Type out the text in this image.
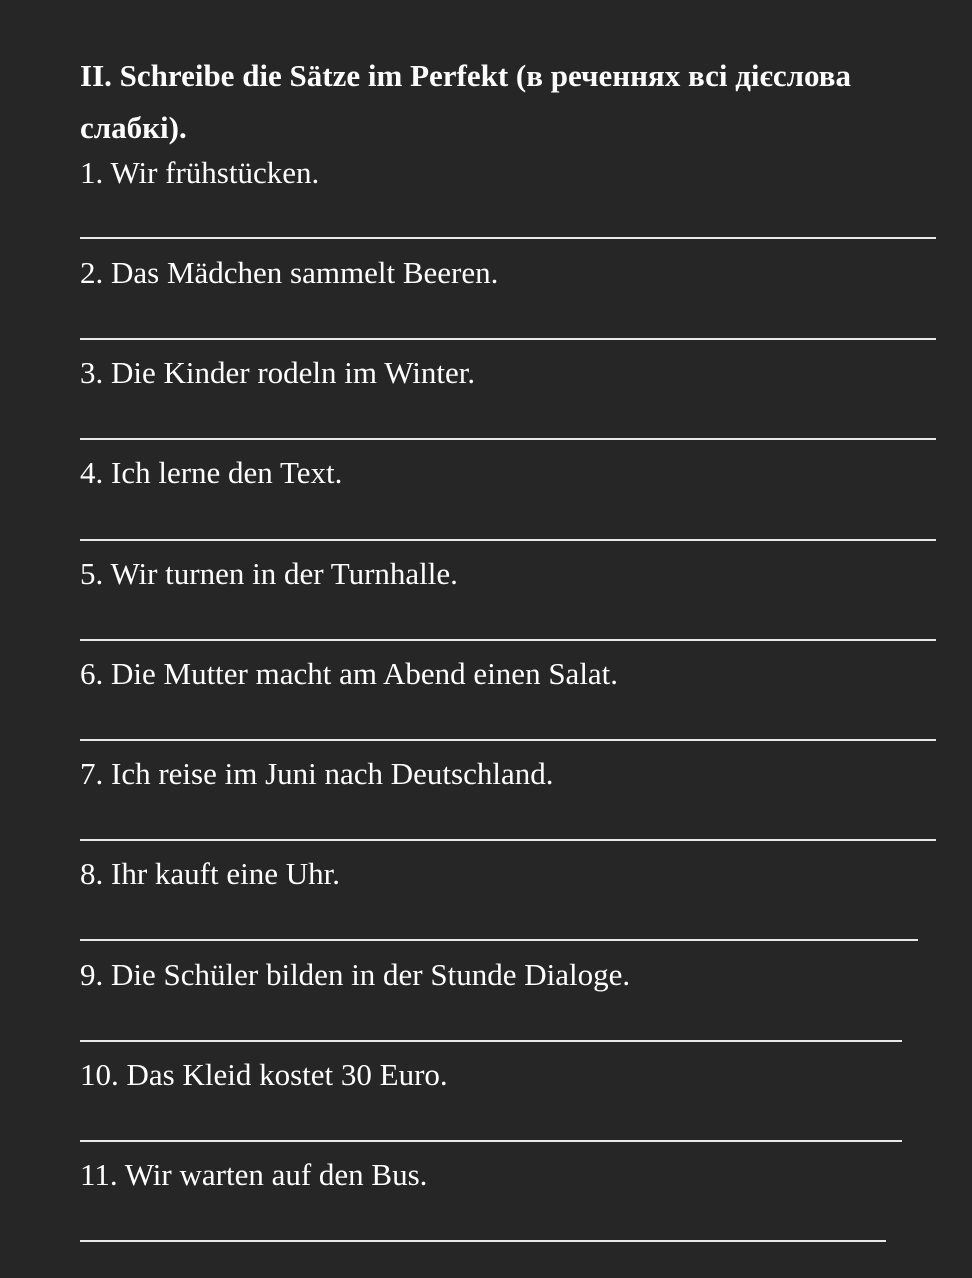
II. Schreibe die Sätze im Perfekt (в реченнях всі дієслова слабкі).
1. Wir frühstücken.
2. Das Mädchen sammelt Beeren.
3. Die Kinder rodeln im Winter.
4. Ich lerne den Text.
5. Wir turnen in der Turnhalle.
6. Die Mutter macht am Abend einen Salat.
7. Ich reise im Juni nach Deutschland.
8. Ihr kauft eine Uhr.
9. Die Schüler bilden in der Stunde Dialoge.
10. Das Kleid kostet 30 Euro.
11. Wir warten auf den Bus.
